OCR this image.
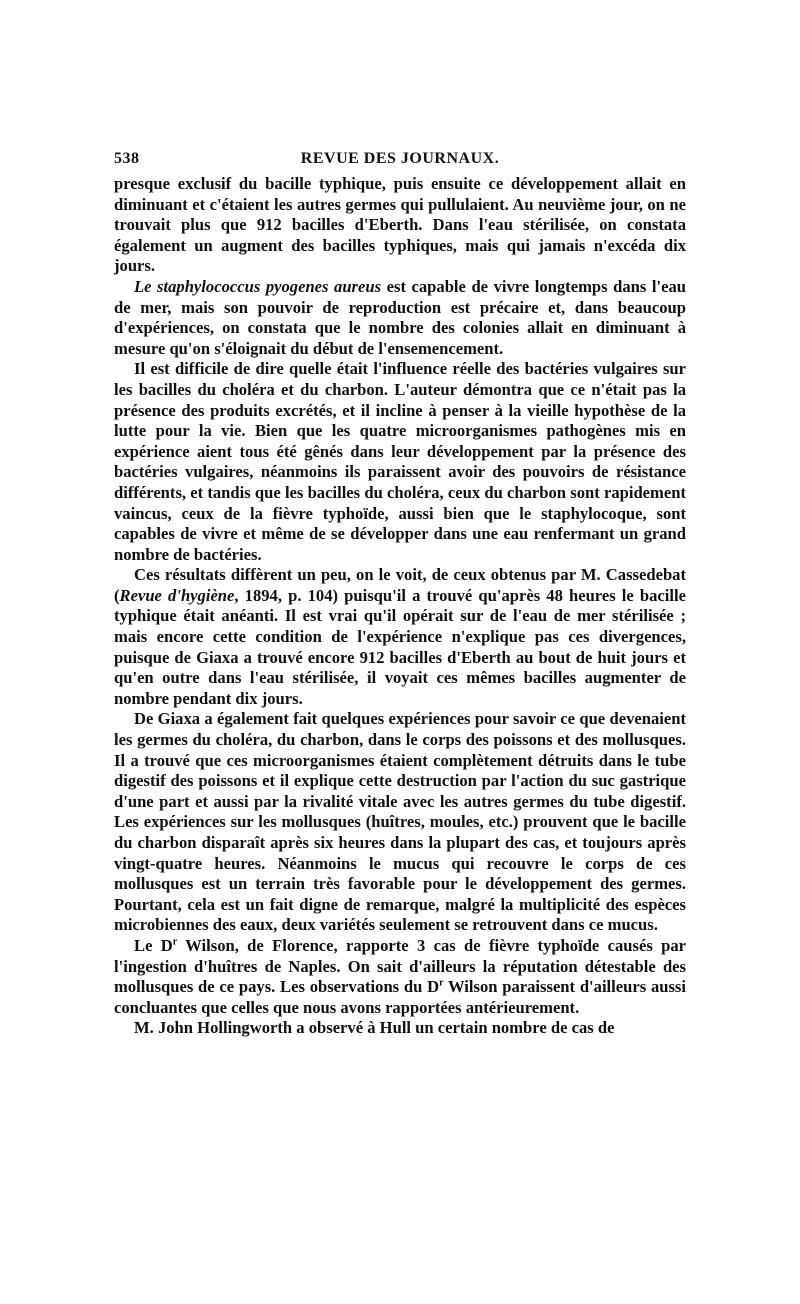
538	REVUE DES JOURNAUX.

presque exclusif du bacille typhique, puis ensuite ce développement allait en diminuant et c'étaient les autres germes qui pullulaient. Au neuvième jour, on ne trouvait plus que 912 bacilles d'Eberth. Dans l'eau stérilisée, on constata également un augment des bacilles typhiques, mais qui jamais n'excéda dix jours.

Le staphylococcus pyogenes aureus est capable de vivre longtemps dans l'eau de mer, mais son pouvoir de reproduction est précaire et, dans beaucoup d'expériences, on constata que le nombre des colonies allait en diminuant à mesure qu'on s'éloignait du début de l'ensemencement.

Il est difficile de dire quelle était l'influence réelle des bactéries vulgaires sur les bacilles du choléra et du charbon. L'auteur démontra que ce n'était pas la présence des produits excrétés, et il incline à penser à la vieille hypothèse de la lutte pour la vie. Bien que les quatre microorganismes pathogènes mis en expérience aient tous été gênés dans leur développement par la présence des bactéries vulgaires, néanmoins ils paraissent avoir des pouvoirs de résistance différents, et tandis que les bacilles du choléra, ceux du charbon sont rapidement vaincus, ceux de la fièvre typhoïde, aussi bien que le staphylocoque, sont capables de vivre et même de se développer dans une eau renfermant un grand nombre de bactéries.

Ces résultats diffèrent un peu, on le voit, de ceux obtenus par M. Cassedebat (Revue d'hygiène, 1894, p. 104) puisqu'il a trouvé qu'après 48 heures le bacille typhique était anéanti. Il est vrai qu'il opérait sur de l'eau de mer stérilisée ; mais encore cette condition de l'expérience n'explique pas ces divergences, puisque de Giaxa a trouvé encore 912 bacilles d'Eberth au bout de huit jours et qu'en outre dans l'eau stérilisée, il voyait ces mêmes bacilles augmenter de nombre pendant dix jours.

De Giaxa a également fait quelques expériences pour savoir ce que devenaient les germes du choléra, du charbon, dans le corps des poissons et des mollusques. Il a trouvé que ces microorganismes étaient complètement détruits dans le tube digestif des poissons et il explique cette destruction par l'action du suc gastrique d'une part et aussi par la rivalité vitale avec les autres germes du tube digestif. Les expériences sur les mollusques (huîtres, moules, etc.) prouvent que le bacille du charbon disparaît après six heures dans la plupart des cas, et toujours après vingt-quatre heures. Néanmoins le mucus qui recouvre le corps de ces mollusques est un terrain très favorable pour le développement des germes. Pourtant, cela est un fait digne de remarque, malgré la multiplicité des espèces microbiennes des eaux, deux variétés seulement se retrouvent dans ce mucus.

Le $D^r$ Wilson, de Florence, rapporte 3 cas de fièvre typhoïde causés par l'ingestion d'huîtres de Naples. On sait d'ailleurs la réputation détestable des mollusques de ce pays. Les observations du $D^r$ Wilson paraissent d'ailleurs aussi concluantes que celles que nous avons rapportées antérieurement.

M. John Hollingworth a observé à Hull un certain nombre de cas de
